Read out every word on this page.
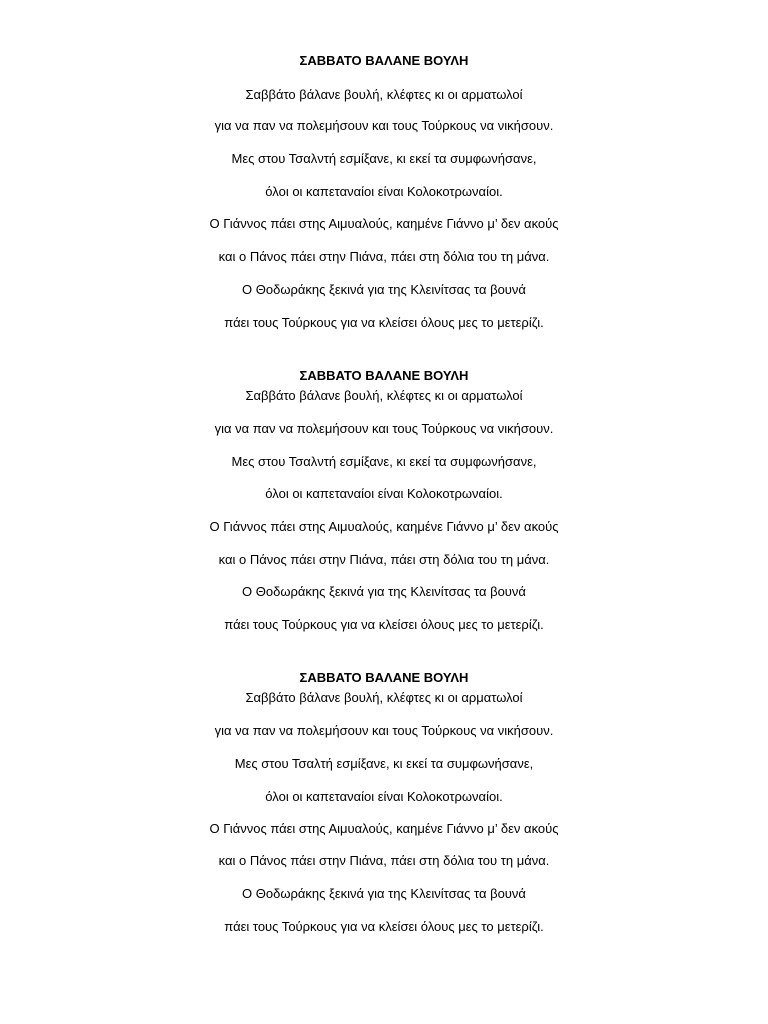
ΣΑΒΒΑΤΟ ΒΑΛΑΝΕ ΒΟΥΛΗ
Σαββάτο βάλανε βουλή, κλέφτες κι οι αρματωλοί
για να παν να πολεμήσουν και τους Τούρκους να νικήσουν.
Μες στου Τσαλντή εσμίξανε, κι εκεί τα συμφωνήσανε,
όλοι οι καπεταναίοι είναι Κολοκοτρωναίοι.
Ο Γιάννος πάει στης Αιμυαλούς, καημένε Γιάννο μ’ δεν ακούς
και ο Πάνος πάει στην Πιάνα, πάει στη δόλια του τη μάνα.
Ο Θοδωράκης ξεκινά για της Κλεινίτσας τα βουνά
πάει τους Τούρκους για να κλείσει όλους μες το μετερίζι.
ΣΑΒΒΑΤΟ ΒΑΛΑΝΕ ΒΟΥΛΗ
Σαββάτο βάλανε βουλή, κλέφτες κι οι αρματωλοί
για να παν να πολεμήσουν και τους Τούρκους να νικήσουν.
Μες στου Τσαλντή εσμίξανε, κι εκεί τα συμφωνήσανε,
όλοι οι καπεταναίοι είναι Κολοκοτρωναίοι.
Ο Γιάννος πάει στης Αιμυαλούς, καημένε Γιάννο μ’ δεν ακούς
και ο Πάνος πάει στην Πιάνα, πάει στη δόλια του τη μάνα.
Ο Θοδωράκης ξεκινά για της Κλεινίτσας τα βουνά
πάει τους Τούρκους για να κλείσει όλους μες το μετερίζι.
ΣΑΒΒΑΤΟ ΒΑΛΑΝΕ ΒΟΥΛΗ
Σαββάτο βάλανε βουλή, κλέφτες κι οι αρματωλοί
για να παν να πολεμήσουν και τους Τούρκους να νικήσουν.
Μες στου Τσαλτή εσμίξανε, κι εκεί τα συμφωνήσανε,
όλοι οι καπεταναίοι είναι Κολοκοτρωναίοι.
Ο Γιάννος πάει στης Αιμυαλούς, καημένε Γιάννο μ’ δεν ακούς
και ο Πάνος πάει στην Πιάνα, πάει στη δόλια του τη μάνα.
Ο Θοδωράκης ξεκινά για της Κλεινίτσας τα βουνά
πάει τους Τούρκους για να κλείσει όλους μες το μετερίζι.
